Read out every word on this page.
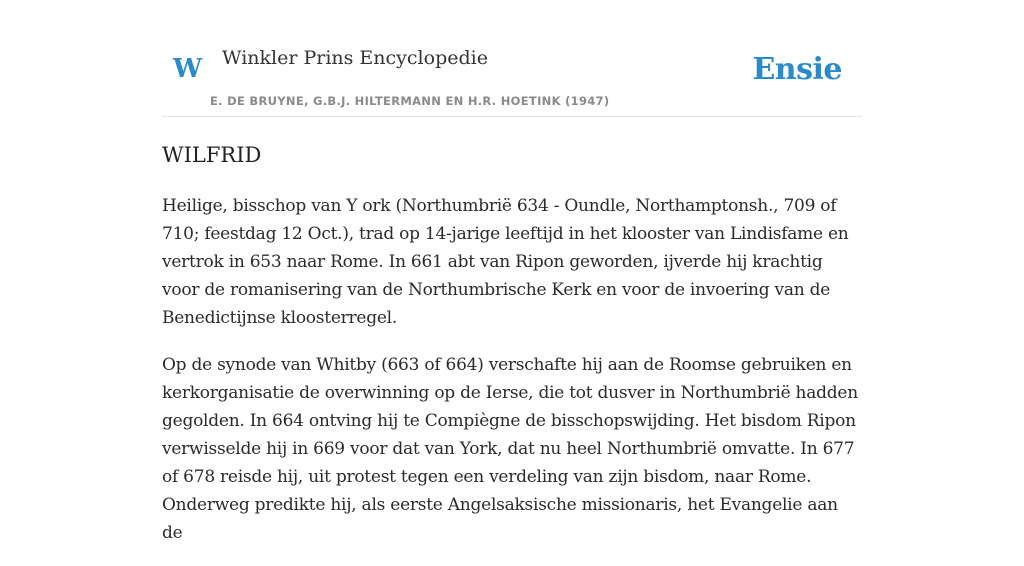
W Winkler Prins Encyclopedie
E. DE BRUYNE, G.B.J. HILTERMANN EN H.R. HOETINK (1947)
Ensie
WILFRID

Heilige, bisschop van Y ork (Northumbrië 634 - Oundle, Northamptonsh., 709 of 710; feestdag 12 Oct.), trad op 14-jarige leeftijd in het klooster van Lindisfame en vertrok in 653 naar Rome. In 661 abt van Ripon geworden, ijverde hij krachtig voor de romanisering van de Northumbrische Kerk en voor de invoering van de Benedictijnse kloosterregel.

Op de synode van Whitby (663 of 664) verschafte hij aan de Roomse gebruiken en kerkorganisatie de overwinning op de Ierse, die tot dusver in Northumbrië hadden gegolden. In 664 ontving hij te Compiègne de bisschopswijding. Het bisdom Ripon verwisselde hij in 669 voor dat van York, dat nu heel Northumbrië omvatte. In 677 of 678 reisde hij, uit protest tegen een verdeling van zijn bisdom, naar Rome. Onderweg predikte hij, als eerste Angelsaksische missionaris, het Evangelie aan de
